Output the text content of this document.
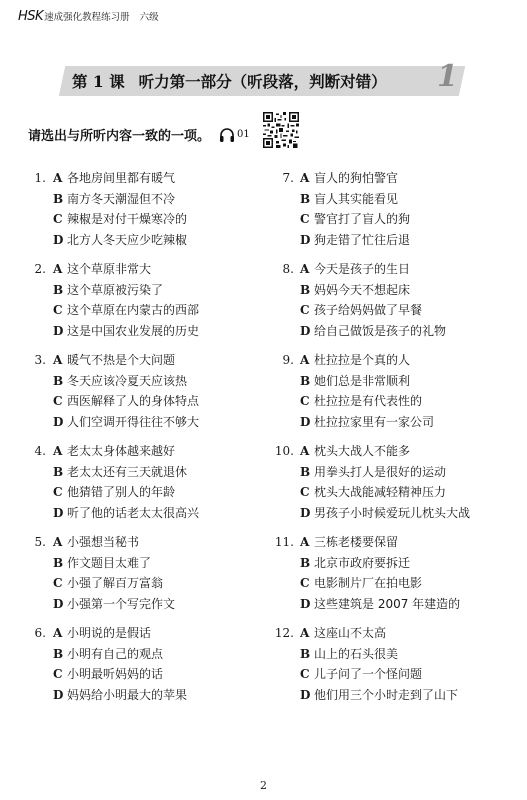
HSK 速成强化教程练习册 六级
第 1 课 听力第一部分（听段落，判断对错） 1
请选出与所听内容一致的一项。	01
1. A 各地房间里都有暖气
B 南方冬天潮湿但不冷
C 辣椒是对付干燥寒冷的
D 北方人冬天应少吃辣椒
2. A 这个草原非常大
B 这个草原被污染了
C 这个草原在内蒙古的西部
D 这是中国农业发展的历史
3. A 暖气不热是个大问题
B 冬天应该冷夏天应该热
C 西医解释了人的身体特点
D 人们空调开得往往不够大
4. A 老太太身体越来越好
B 老太太还有三天就退休
C 他猜错了别人的年龄
D 听了他的话老太太很高兴
5. A 小强想当秘书
B 作文题目太难了
C 小强了解百万富翁
D 小强第一个写完作文
6. A 小明说的是假话
B 小明有自己的观点
C 小明最听妈妈的话
D 妈妈给小明最大的苹果
7. A 盲人的狗怕警官
B 盲人其实能看见
C 警官打了盲人的狗
D 狗走错了忙往后退
8. A 今天是孩子的生日
B 妈妈今天不想起床
C 孩子给妈妈做了早餐
D 给自己做饭是孩子的礼物
9. A 杜拉拉是个真的人
B 她们总是非常顺利
C 杜拉拉是有代表性的
D 杜拉拉家里有一家公司
10. A 枕头大战人不能多
B 用拳头打人是很好的运动
C 枕头大战能减轻精神压力
D 男孩子小时候爱玩儿枕头大战
11. A 三栋老楼要保留
B 北京市政府要拆迁
C 电影制片厂在拍电影
D 这些建筑是 2007 年建造的
12. A 这座山不太高
B 山上的石头很美
C 儿子问了一个怪问题
D 他们用三个小时走到了山下
2
